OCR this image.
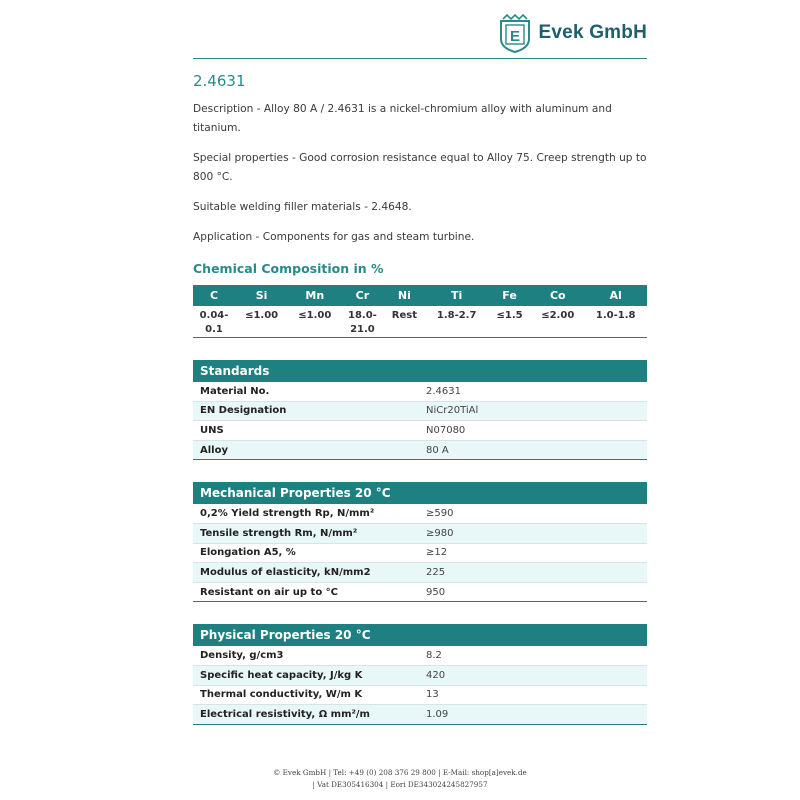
E Evek GmbH
2.4631

Description - Alloy 80 A / 2.4631 is a nickel-chromium alloy with aluminum and titanium.

Special properties - Good corrosion resistance equal to Alloy 75. Creep strength up to 800 °C.

Suitable welding filler materials - 2.4648.

Application - Components for gas and steam turbine.

Chemical Composition in %
C	Si	Mn	Cr	Ni	Ti	Fe	Co	Al
0.04-0.1	≤1.00	≤1.00	18.0-21.0	Rest	1.8-2.7	≤1.5	≤2.00	1.0-1.8
Standards	
Material No.	2.4631
EN Designation	NiCr20TiAl
UNS	N07080
Alloy	80 A
Mechanical Properties 20 °C	
0,2% Yield strength Rp, N/mm²	≥590
Tensile strength Rm, N/mm²	≥980
Elongation A5, %	≥12
Modulus of elasticity, kN/mm2	225
Resistant on air up to °C	950
Physical Properties 20 °C	
Density, g/cm3	8.2
Specific heat capacity, J/kg K	420
Thermal conductivity, W/m K	13
Electrical resistivity, Ω mm²/m	1.09
© Evek GmbH | Tel: +49 (0) 208 376 29 800 | E-Mail: shop[a]evek.de
| Vat DE305416304 | Eori DE343024245827957
